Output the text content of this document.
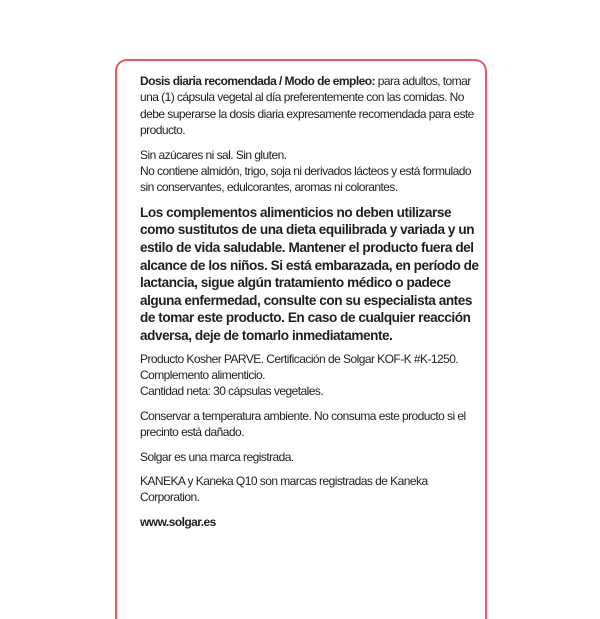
Dosis diaria recomendada / Modo de empleo: para adultos, tomar una (1) cápsula vegetal al día preferentemente con las comidas. No debe superarse la dosis diaria expresamente recomendada para este producto.

Sin azúcares ni sal. Sin gluten.
No contiene almidón, trigo, soja ni derivados lácteos y está formulado sin conservantes, edulcorantes, aromas ni colorantes.

Los complementos alimenticios no deben utilizarse como sustitutos de una dieta equilibrada y variada y un estilo de vida saludable. Mantener el producto fuera del alcance de los niños. Si está embarazada, en período de lactancia, sigue algún tratamiento médico o padece alguna enfermedad, consulte con su especialista antes de tomar este producto. En caso de cualquier reacción adversa, deje de tomarlo inmediatamente.

Producto Kosher PARVE. Certificación de Solgar KOF-K #K-1250.
Complemento alimenticio.
Cantidad neta: 30 cápsulas vegetales.

Conservar a temperatura ambiente. No consuma este producto si el precinto está dañado.

Solgar es una marca registrada.

KANEKA y Kaneka Q10 son marcas registradas de Kaneka Corporation.

www.solgar.es
